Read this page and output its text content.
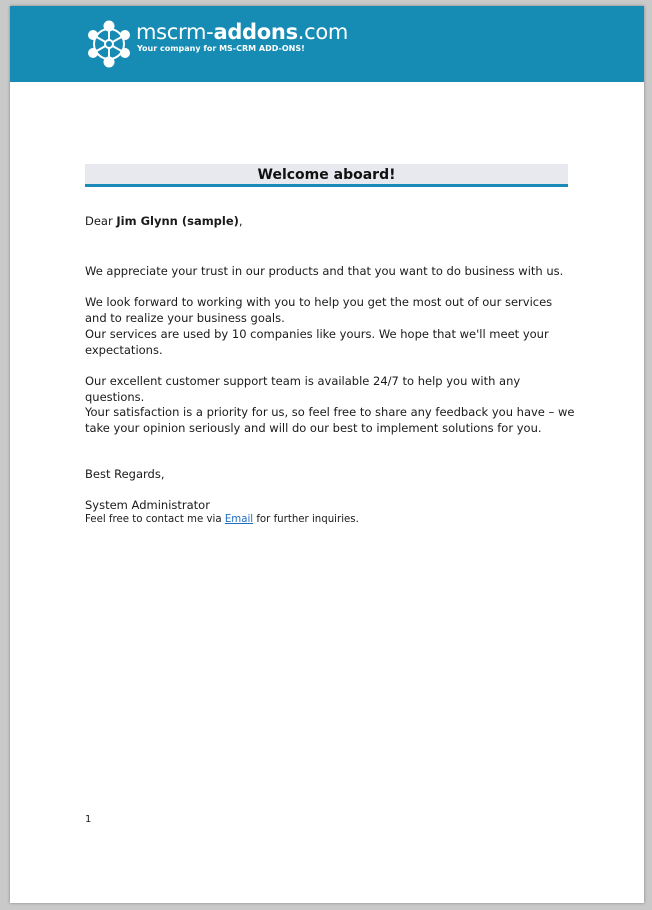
mscrm-addons.com
Your company for MS-CRM ADD-ONS!
Welcome aboard!
Dear Jim Glynn (sample),
We appreciate your trust in our products and that you want to do business with us.
We look forward to working with you to help you get the most out of our services and to realize your business goals.
Our services are used by 10 companies like yours. We hope that we'll meet your expectations.
Our excellent customer support team is available 24/7 to help you with any questions.
Your satisfaction is a priority for us, so feel free to share any feedback you have – we take your opinion seriously and will do our best to implement solutions for you.
Best Regards,
System Administrator
Feel free to contact me via Email for further inquiries.
1
